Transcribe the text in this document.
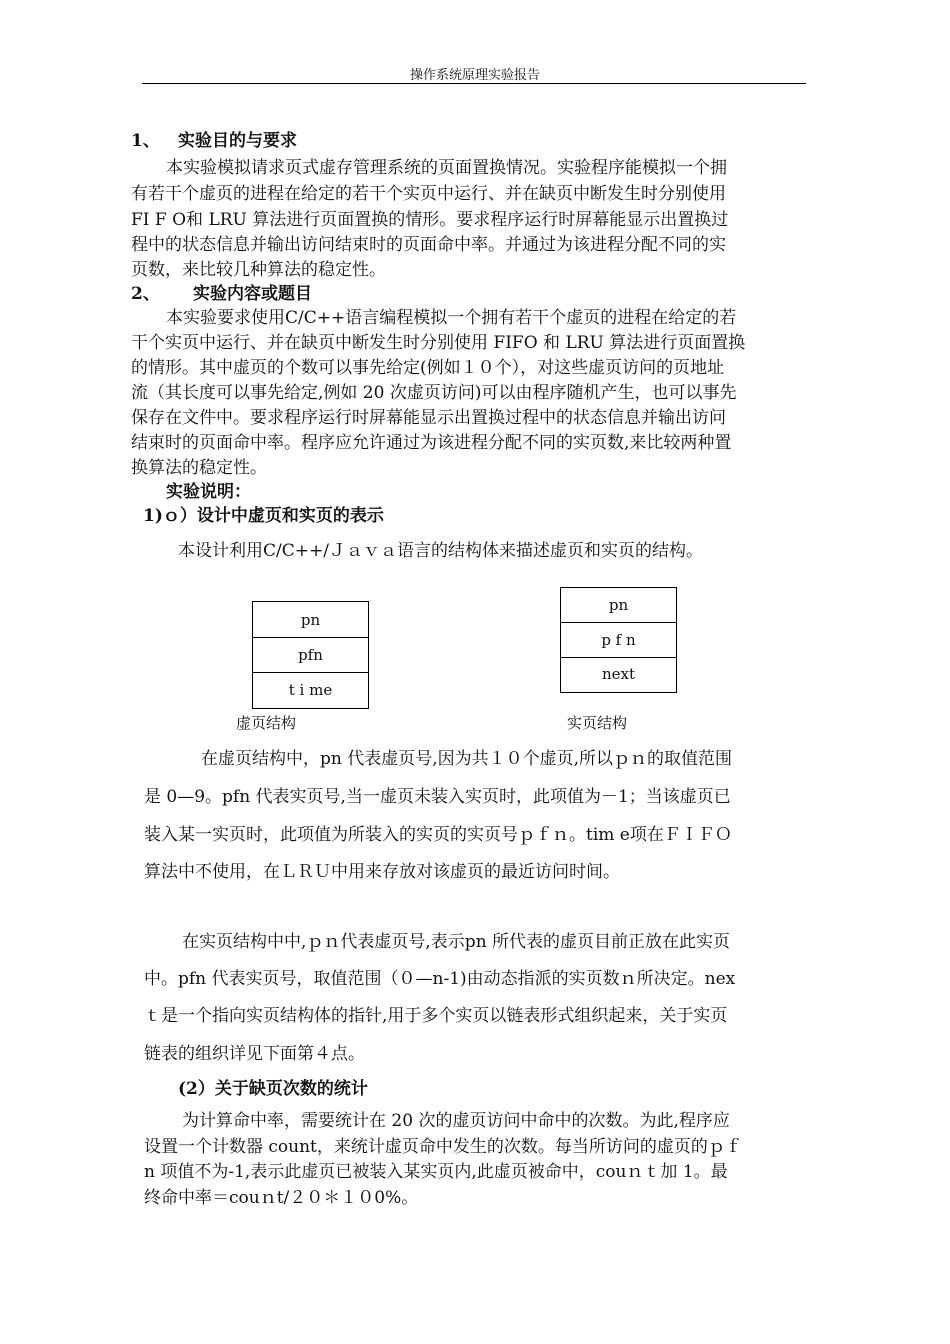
操作系统原理实验报告
1、 实验目的与要求
本实验模拟请求页式虚存管理系统的页面置换情况。实验程序能模拟一个拥
有若干个虚页的进程在给定的若干个实页中运行、并在缺页中断发生时分别使用
FI F O和 LRU 算法进行页面置换的情形。要求程序运行时屏幕能显示出置换过
程中的状态信息并输出访问结束时的页面命中率。并通过为该进程分配不同的实
页数，来比较几种算法的稳定性。
2、 实验内容或题目
本实验要求使用C/C++语言编程模拟一个拥有若干个虚页的进程在给定的若
干个实页中运行、并在缺页中断发生时分别使用 FIFO 和 LRU 算法进行页面置换
的情形。其中虚页的个数可以事先给定(例如１０个），对这些虚页访问的页地址
流（其长度可以事先给定,例如 20 次虚页访问)可以由程序随机产生，也可以事先
保存在文件中。要求程序运行时屏幕能显示出置换过程中的状态信息并输出访问
结束时的页面命中率。程序应允许通过为该进程分配不同的实页数,来比较两种置
换算法的稳定性。
实验说明：
1)ｏ）设计中虚页和实页的表示
本设计利用C/C++/Ｊａｖａ语言的结构体来描述虚页和实页的结构。
pn
pfn
t i me
虚页结构
pn
p f n
next
实页结构
在虚页结构中，pn 代表虚页号,因为共１０个虚页,所以ｐｎ的取值范围
是 0—9。pfn 代表实页号,当一虚页未装入实页时，此项值为－1；当该虚页已
装入某一实页时，此项值为所装入的实页的实页号ｐｆｎ。tim e项在ＦＩＦＯ
算法中不使用，在ＬＲＵ中用来存放对该虚页的最近访问时间。
在实页结构中中,ｐｎ代表虚页号,表示pn 所代表的虚页目前正放在此实页
中。pfn 代表实页号，取值范围（０—n-1)由动态指派的实页数ｎ所决定。nex
ｔ是一个指向实页结构体的指针,用于多个实页以链表形式组织起来，关于实页
链表的组织详见下面第４点。
(2）关于缺页次数的统计
为计算命中率，需要统计在 20 次的虚页访问中命中的次数。为此,程序应
设置一个计数器 count，来统计虚页命中发生的次数。每当所访问的虚页的ｐｆ
n 项值不为-1,表示此虚页已被装入某实页内,此虚页被命中，couｎｔ加 1。最
终命中率＝couｎt/２０＊１０0%。
